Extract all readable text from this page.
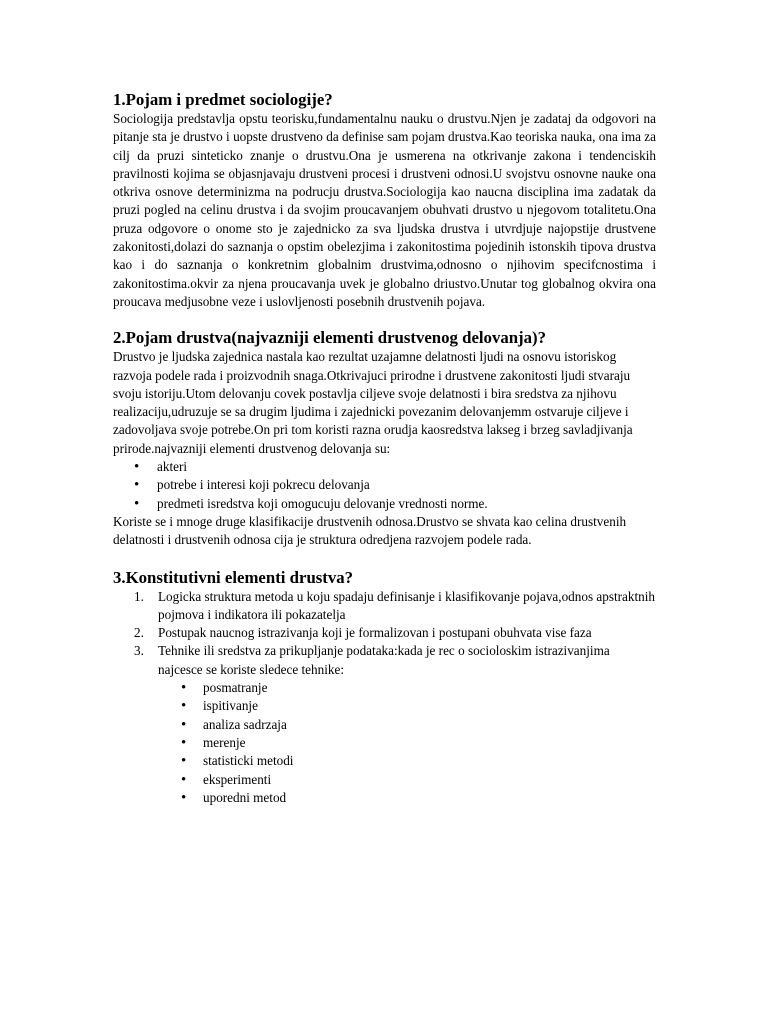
1.Pojam i predmet sociologije?

Sociologija predstavlja opstu teorisku,fundamentalnu nauku o drustvu.Njen je zadataj da odgovori na pitanje sta je drustvo i uopste drustveno da definise sam pojam drustva.Kao teoriska nauka, ona ima za cilj da pruzi sinteticko znanje o drustvu.Ona je usmerena na otkrivanje zakona i tendenciskih pravilnosti kojima se objasnjavaju drustveni procesi i drustveni odnosi.U svojstvu osnovne nauke ona otkriva osnove determinizma na podrucju drustva.Sociologija kao naucna disciplina ima zadatak da pruzi pogled na celinu drustva i da svojim proucavanjem obuhvati drustvo u njegovom totalitetu.Ona pruza odgovore o onome sto je zajednicko za sva ljudska drustva i utvrdjuje najopstije drustvene zakonitosti,dolazi do saznanja o opstim obelezjima i zakonitostima pojedinih istonskih tipova drustva kao i do saznanja o konkretnim globalnim drustvima,odnosno o njihovim specifcnostima i zakonitostima.okvir za njena proucavanja uvek je globalno driustvo.Unutar tog globalnog okvira ona proucava medjusobne veze i uslovljenosti posebnih drustvenih pojava.

2.Pojam drustva(najvazniji elementi drustvenog delovanja)?

Drustvo je ljudska zajednica nastala kao rezultat uzajamne delatnosti ljudi na osnovu istoriskog razvoja podele rada i proizvodnih snaga.Otkrivajuci prirodne i drustvene zakonitosti ljudi stvaraju svoju istoriju.Utom delovanju covek postavlja ciljeve svoje delatnosti i bira sredstva za njihovu realizaciju,udruzuje se sa drugim ljudima i zajednicki povezanim delovanjemm ostvaruje ciljeve i zadovoljava svoje potrebe.On pri tom koristi razna orudja kaosredstva lakseg i brzeg savladjivanja prirode.najvazniji elementi drustvenog delovanja su:

• akteri
• potrebe i interesi koji pokrecu delovanja
• predmeti isredstva koji omogucuju delovanje vrednosti norme.

Koriste se i mnoge druge klasifikacije drustvenih odnosa.Drustvo se shvata kao celina drustvenih delatnosti i drustvenih odnosa cija je struktura odredjena razvojem podele rada.

3.Konstitutivni elementi drustva?
1. Logicka struktura metoda u koju spadaju definisanje i klasifikovanje pojava,odnos apstraktnih pojmova i indikatora ili pokazatelja
2. Postupak naucnog istrazivanja koji je formalizovan i postupani obuhvata vise faza
3. Tehnike ili sredstva za prikupljanje podataka:kada je rec o socioloskim istrazivanjima najcesce se koriste sledece tehnike:
• posmatranje
• ispitivanje
• analiza sadrzaja
• merenje
• statisticki metodi
• eksperimenti
• uporedni metod
